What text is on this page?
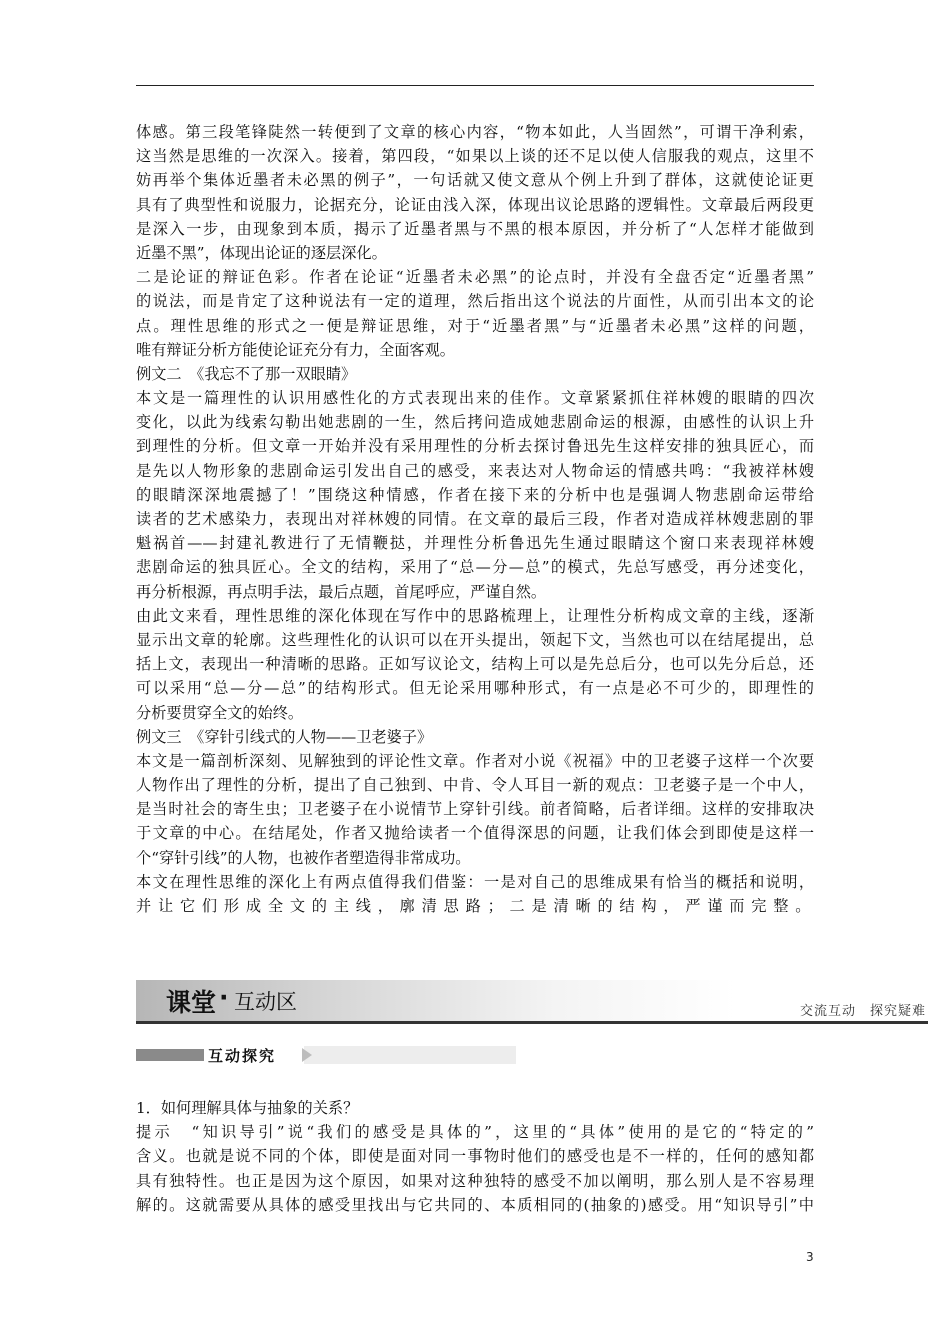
体感。第三段笔锋陡然一转便到了文章的核心内容，“物本如此，人当固然”，可谓干净利索，
这当然是思维的一次深入。接着，第四段，“如果以上谈的还不足以使人信服我的观点，这里不
妨再举个集体近墨者未必黑的例子”，一句话就又使文意从个例上升到了群体，这就使论证更
具有了典型性和说服力，论据充分，论证由浅入深，体现出议论思路的逻辑性。文章最后两段更
是深入一步，由现象到本质，揭示了近墨者黑与不黑的根本原因，并分析了“人怎样才能做到
近墨不黑”，体现出论证的逐层深化。
二是论证的辩证色彩。作者在论证“近墨者未必黑”的论点时，并没有全盘否定“近墨者黑”
的说法，而是肯定了这种说法有一定的道理，然后指出这个说法的片面性，从而引出本文的论
点。理性思维的形式之一便是辩证思维，对于“近墨者黑”与“近墨者未必黑”这样的问题，
唯有辩证分析方能使论证充分有力，全面客观。
例文二　《我忘不了那一双眼睛》
本文是一篇理性的认识用感性化的方式表现出来的佳作。文章紧紧抓住祥林嫂的眼睛的四次
变化，以此为线索勾勒出她悲剧的一生，然后拷问造成她悲剧命运的根源，由感性的认识上升
到理性的分析。但文章一开始并没有采用理性的分析去探讨鲁迅先生这样安排的独具匠心，而
是先以人物形象的悲剧命运引发出自己的感受，来表达对人物命运的情感共鸣：“我被祥林嫂
的眼睛深深地震撼了！”围绕这种情感，作者在接下来的分析中也是强调人物悲剧命运带给
读者的艺术感染力，表现出对祥林嫂的同情。在文章的最后三段，作者对造成祥林嫂悲剧的罪
魁祸首——封建礼教进行了无情鞭挞，并理性分析鲁迅先生通过眼睛这个窗口来表现祥林嫂
悲剧命运的独具匠心。全文的结构，采用了“总—分—总”的模式，先总写感受，再分述变化，
再分析根源，再点明手法，最后点题，首尾呼应，严谨自然。
由此文来看，理性思维的深化体现在写作中的思路梳理上，让理性分析构成文章的主线，逐渐
显示出文章的轮廓。这些理性化的认识可以在开头提出，领起下文，当然也可以在结尾提出，总
括上文，表现出一种清晰的思路。正如写议论文，结构上可以是先总后分，也可以先分后总，还
可以采用“总—分—总”的结构形式。但无论采用哪种形式，有一点是必不可少的，即理性的
分析要贯穿全文的始终。
例文三　《穿针引线式的人物——卫老婆子》
本文是一篇剖析深刻、见解独到的评论性文章。作者对小说《祝福》中的卫老婆子这样一个次要
人物作出了理性的分析，提出了自己独到、中肯、令人耳目一新的观点：卫老婆子是一个中人，
是当时社会的寄生虫；卫老婆子在小说情节上穿针引线。前者简略，后者详细。这样的安排取决
于文章的中心。在结尾处，作者又抛给读者一个值得深思的问题，让我们体会到即使是这样一
个“穿针引线”的人物，也被作者塑造得非常成功。
本文在理性思维的深化上有两点值得我们借鉴：一是对自己的思维成果有恰当的概括和说明，
并让它们形成全文的主线，廓清思路；二是清晰的结构，严谨而完整。
课堂 · 互动区	交流互动　探究疑难
互动探究
1．如何理解具体与抽象的关系？
提示　“知识导引”说“我们的感受是具体的”，这里的“具体”使用的是它的“特定的”
含义。也就是说不同的个体，即使是面对同一事物时他们的感受也是不一样的，任何的感知都
具有独特性。也正是因为这个原因，如果对这种独特的感受不加以阐明，那么别人是不容易理
解的。这就需要从具体的感受里找出与它共同的、本质相同的(抽象的)感受。用“知识导引”中
3
